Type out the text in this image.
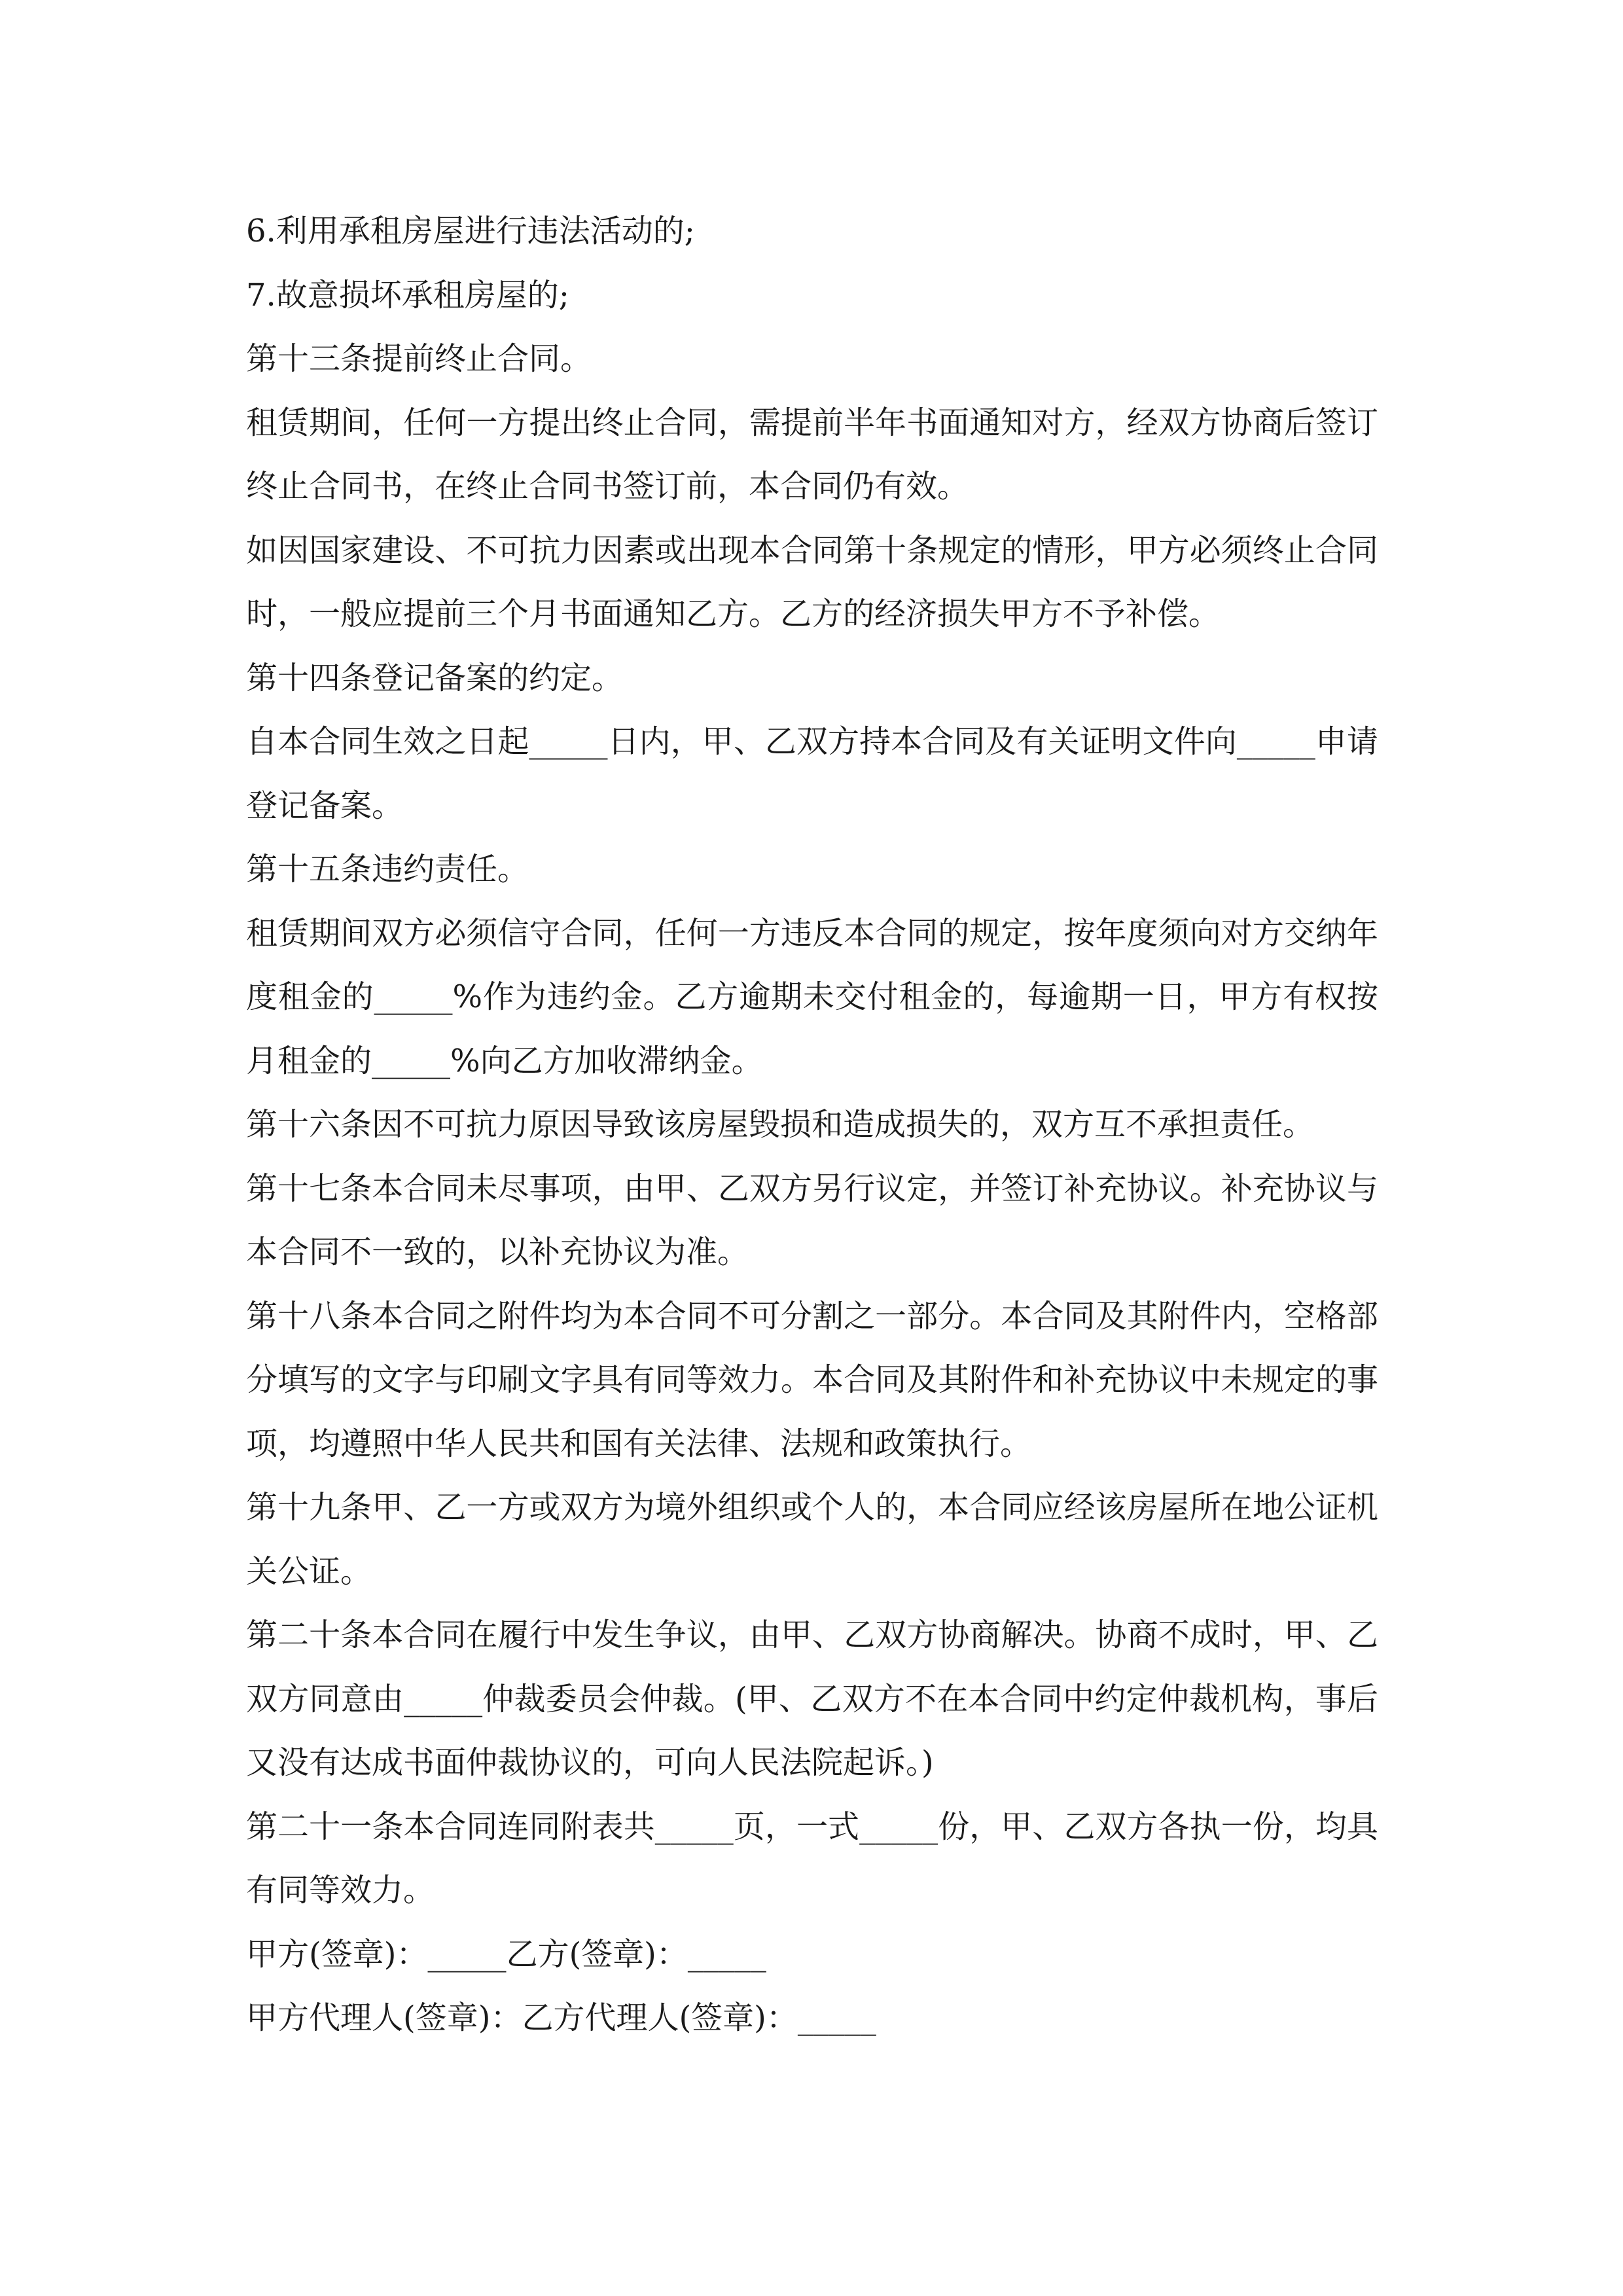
6.利用承租房屋进行违法活动的;

7.故意损坏承租房屋的;

第十三条提前终止合同。

租赁期间，任何一方提出终止合同，需提前半年书面通知对方，经双方协商后签订终止合同书，在终止合同书签订前，本合同仍有效。

如因国家建设、不可抗力因素或出现本合同第十条规定的情形，甲方必须终止合同时，一般应提前三个月书面通知乙方。乙方的经济损失甲方不予补偿。

第十四条登记备案的约定。

自本合同生效之日起_____日内，甲、乙双方持本合同及有关证明文件向_____申请登记备案。

第十五条违约责任。

租赁期间双方必须信守合同，任何一方违反本合同的规定，按年度须向对方交纳年度租金的_____%作为违约金。乙方逾期未交付租金的，每逾期一日，甲方有权按月租金的_____%向乙方加收滞纳金。

第十六条因不可抗力原因导致该房屋毁损和造成损失的，双方互不承担责任。

第十七条本合同未尽事项，由甲、乙双方另行议定，并签订补充协议。补充协议与本合同不一致的，以补充协议为准。

第十八条本合同之附件均为本合同不可分割之一部分。本合同及其附件内，空格部分填写的文字与印刷文字具有同等效力。本合同及其附件和补充协议中未规定的事项，均遵照中华人民共和国有关法律、法规和政策执行。

第十九条甲、乙一方或双方为境外组织或个人的，本合同应经该房屋所在地公证机关公证。

第二十条本合同在履行中发生争议，由甲、乙双方协商解决。协商不成时，甲、乙双方同意由_____仲裁委员会仲裁。(甲、乙双方不在本合同中约定仲裁机构，事后又没有达成书面仲裁协议的，可向人民法院起诉。)

第二十一条本合同连同附表共_____页，一式_____份，甲、乙双方各执一份，均具有同等效力。

甲方(签章)：_____乙方(签章)：_____

甲方代理人(签章)：乙方代理人(签章)：_____
